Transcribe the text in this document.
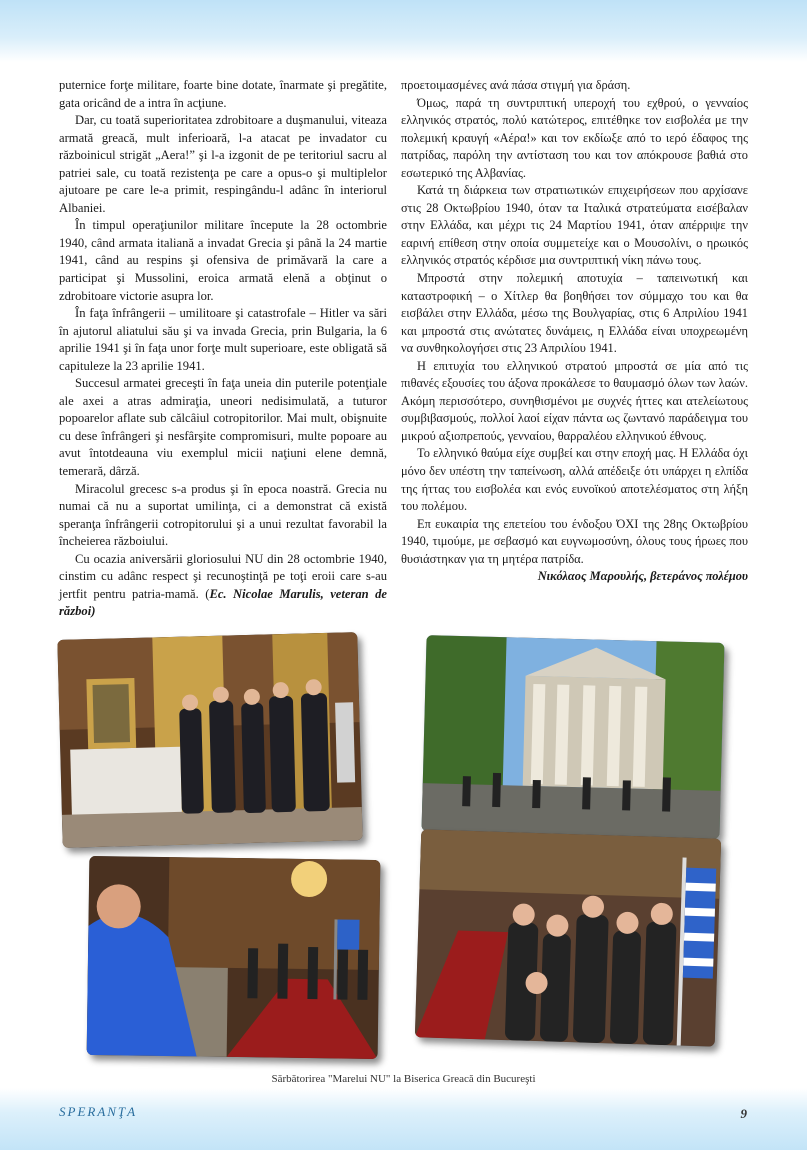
puternice forţe militare, foarte bine dotate, înarmate şi pregătite, gata oricând de a intra în acţiune.

Dar, cu toată superioritatea zdrobitoare a duşmanului, viteaza armată greacă, mult inferioară, l-a atacat pe invadator cu războinicul strigăt „Aera!” şi l-a izgonit de pe teritoriul sacru al patriei sale, cu toată rezistenţa pe care a opus-o şi multiplelor ajutoare pe care le-a primit, respingându-l adânc în interiorul Albaniei.

În timpul operaţiunilor militare începute la 28 octombrie 1940, când armata italiană a invadat Grecia şi până la 24 martie 1941, când au respins şi ofensiva de primăvară la care a participat şi Mussolini, eroica armată elenă a obţinut o zdrobitoare victorie asupra lor.

În faţa înfrângerii – umilitoare şi catastrofale – Hitler va sări în ajutorul aliatului său şi va invada Grecia, prin Bulgaria, la 6 aprilie 1941 şi în faţa unor forţe mult superioare, este obligată să capituleze la 23 aprilie 1941.

Succesul armatei greceşti în faţa uneia din puterile potenţiale ale axei a atras admiraţia, uneori nedisimulată, a tuturor popoarelor aflate sub călcâiul cotropitorilor. Mai mult, obişnuite cu dese înfrângeri şi nesfârşite compromisuri, multe popoare au avut întotdeauna viu exemplul micii naţiuni elene demnă, temerară, dârză.

Miracolul grecesc s-a produs şi în epoca noastră. Grecia nu numai că nu a suportat umilinţa, ci a demonstrat că există speranţa înfrângerii cotropitorului şi a unui rezultat favorabil la încheierea războiului.

Cu ocazia aniversării gloriosului NU din 28 octombrie 1940, cinstim cu adânc respect şi recunoştinţă pe toţi eroii care s-au jertfit pentru patria-mamă. (Ec. Nicolae Marulis, veteran de război)

προετοιμασμένες ανά πάσα στιγμή για δράση.

Όμως, παρά τη συντριπτική υπεροχή του εχθρού, ο γενναίος ελληνικός στρατός, πολύ κατώτερος, επιτέθηκε τον εισβολέα με την πολεμική κραυγή «Αέρα!» και τον εκδίωξε από το ιερό έδαφος της πατρίδας, παρόλη την αντίσταση του και τον απόκρουσε βαθιά στο εσωτερικό της Αλβανίας.

Κατά τη διάρκεια των στρατιωτικών επιχειρήσεων που αρχίσανε στις 28 Οκτωβρίου 1940, όταν τα Ιταλικά στρατεύματα εισέβαλαν στην Ελλάδα, και μέχρι τις 24 Μαρτίου 1941, όταν απέρριψε την εαρινή επίθεση στην οποία συμμετείχε και ο Μουσολίνι, ο ηρωικός ελληνικός στρατός κέρδισε μια συντριπτική νίκη πάνω τους.

Μπροστά στην πολεμική αποτυχία – ταπεινωτική και καταστροφική – ο Χίτλερ θα βοηθήσει τον σύμμαχο του και θα εισβάλει στην Ελλάδα, μέσω της Βουλγαρίας, στις 6 Απριλίου 1941 και μπροστά στις ανώτατες δυνάμεις, η Ελλάδα είναι υποχρεωμένη να συνθηκολογήσει στις 23 Απριλίου 1941.

Η επιτυχία του ελληνικού στρατού μπροστά σε μία από τις πιθανές εξουσίες του άξονα προκάλεσε το θαυμασμό όλων των λαών. Ακόμη περισσότερο, συνηθισμένοι με συχνές ήττες και ατελείωτους συμβιβασμούς, πολλοί λαοί είχαν πάντα ως ζωντανό παράδειγμα του μικρού αξιοπρεπούς, γενναίου, θαρραλέου ελληνικού έθνους.

Το ελληνικό θαύμα είχε συμβεί και στην εποχή μας. Η Ελλάδα όχι μόνο δεν υπέστη την ταπείνωση, αλλά απέδειξε ότι υπάρχει η ελπίδα της ήττας του εισβολέα και ενός ευνοϊκού αποτελέσματος στη λήξη του πολέμου.

Επ ευκαιρία της επετείου του ένδοξου ΌΧΙ της 28ης Οκτωβρίου 1940, τιμούμε, με σεβασμό και ευγνωμοσύνη, όλους τους ήρωες που θυσιάστηκαν για τη μητέρα πατρίδα.

Νικόλαος Μαρουλής, βετεράνος πολέμου

Sărbătorirea "Marelui NU" la Biserica Greacă din Bucureşti
SPERANŢA	9
